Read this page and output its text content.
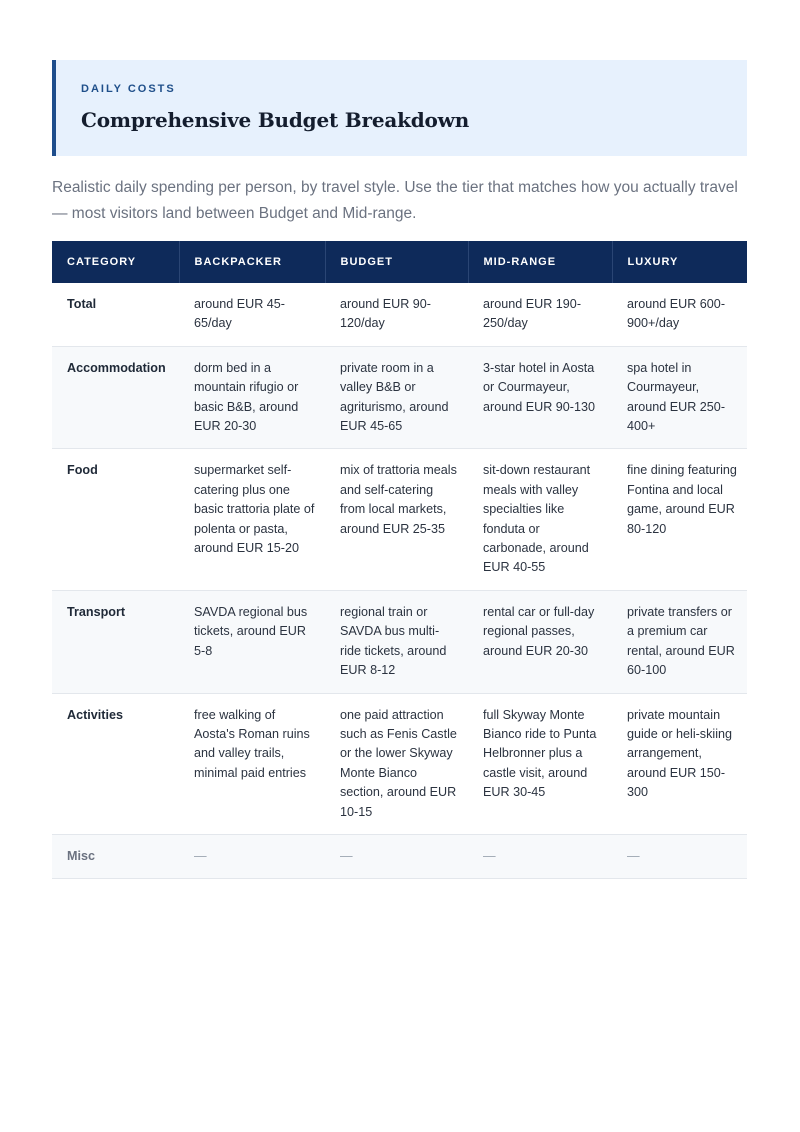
DAILY COSTS
Comprehensive Budget Breakdown

Realistic daily spending per person, by travel style. Use the tier that matches how you actually travel — most visitors land between Budget and Mid-range.

CATEGORY	BACKPACKER	BUDGET	MID-RANGE	LUXURY
Total	around EUR 45-65/day	around EUR 90-120/day	around EUR 190-250/day	around EUR 600-900+/day
Accommodation	dorm bed in a mountain rifugio or basic B&B, around EUR 20-30	private room in a valley B&B or agriturismo, around EUR 45-65	3-star hotel in Aosta or Courmayeur, around EUR 90-130	spa hotel in Courmayeur, around EUR 250-400+
Food	supermarket self-catering plus one basic trattoria plate of polenta or pasta, around EUR 15-20	mix of trattoria meals and self-catering from local markets, around EUR 25-35	sit-down restaurant meals with valley specialties like fonduta or carbonade, around EUR 40-55	fine dining featuring Fontina and local game, around EUR 80-120
Transport	SAVDA regional bus tickets, around EUR 5-8	regional train or SAVDA bus multi-ride tickets, around EUR 8-12	rental car or full-day regional passes, around EUR 20-30	private transfers or a premium car rental, around EUR 60-100
Activities	free walking of Aosta's Roman ruins and valley trails, minimal paid entries	one paid attraction such as Fenis Castle or the lower Skyway Monte Bianco section, around EUR 10-15	full Skyway Monte Bianco ride to Punta Helbronner plus a castle visit, around EUR 30-45	private mountain guide or heli-skiing arrangement, around EUR 150-300
Misc	—	—	—	—
